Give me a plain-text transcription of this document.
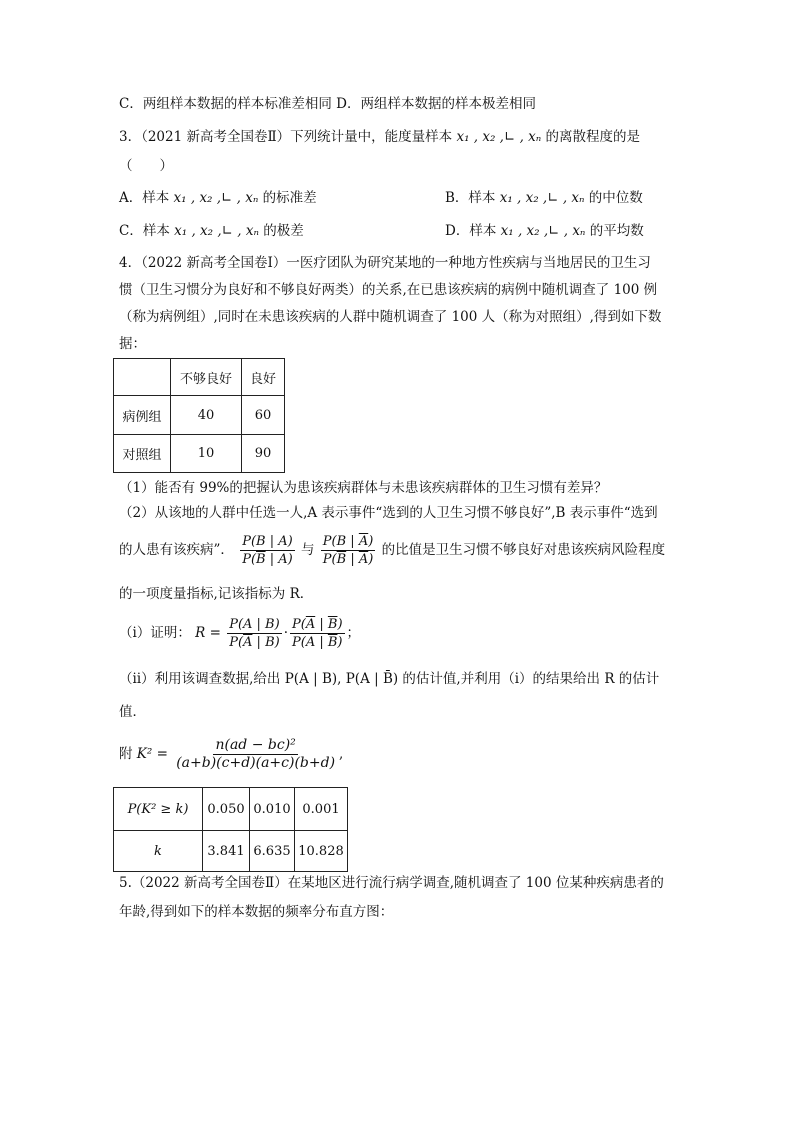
C．两组样本数据的样本标准差相同 D．两组样本数据的样本极差相同
3．（2021 新高考全国卷Ⅱ）下列统计量中，能度量样本 x₁ , x₂ ,∟ , xₙ 的离散程度的是
（　　）
A．样本 x₁ , x₂ ,∟ , xₙ 的标准差	B．样本 x₁ , x₂ ,∟ , xₙ 的中位数
C．样本 x₁ , x₂ ,∟ , xₙ 的极差	D．样本 x₁ , x₂ ,∟ , xₙ 的平均数
4．（2022 新高考全国卷Ⅰ）一医疗团队为研究某地的一种地方性疾病与当地居民的卫生习
惯（卫生习惯分为良好和不够良好两类）的关系,在已患该疾病的病例中随机调查了 100 例
（称为病例组）,同时在未患该疾病的人群中随机调查了 100 人（称为对照组）,得到如下数
据：
	不够良好	良好
病例组	40	60
对照组	10	90
（1）能否有 99%的把握认为患该疾病群体与未患该疾病群体的卫生习惯有差异？
（2）从该地的人群中任选一人,A 表示事件“选到的人卫生习惯不够良好”,B 表示事件“选到
的人患有该疾病”． $\frac{P(B | A)}{P(\overline{B} | A)}$ 与 $\frac{P(B | \overline{A})}{P(\overline{B} | \overline{A})}$ 的比值是卫生习惯不够良好对患该疾病风险程度
的一项度量指标,记该指标为 R．
（ⅰ）证明： $R = \frac{P(A | B)}{P(\overline{A} | B)} \cdot \frac{P(\overline{A} | \overline{B})}{P(A | \overline{B})}$ ；
（ⅱ）利用该调查数据,给出 P(A | B), P(A | B̄) 的估计值,并利用（ⅰ）的结果给出 R 的估计
值．
附 $K^2 = \frac{\text{n(ad − bc)²}}{(a+b)(c+d)(a+c)(b+d)}$ ,
P(K² ≥ k)	0.050	0.010	0.001
k	3.841	6.635	10.828
5.（2022 新高考全国卷Ⅱ）在某地区进行流行病学调查,随机调查了 100 位某种疾病患者的
年龄,得到如下的样本数据的频率分布直方图：
